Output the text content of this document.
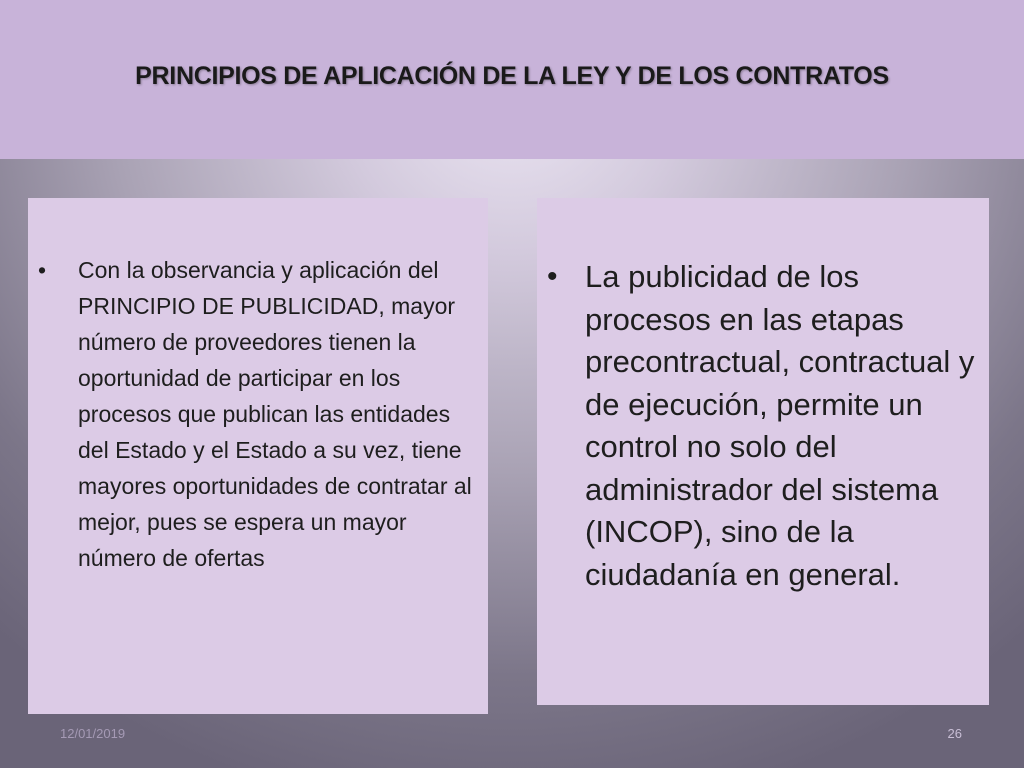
PRINCIPIOS DE APLICACIÓN DE LA LEY Y DE LOS CONTRATOS
•	Con la observancia y aplicación del PRINCIPIO DE PUBLICIDAD, mayor número de proveedores tienen la oportunidad de participar en los procesos que publican las entidades del Estado y el Estado a su vez, tiene mayores oportunidades de contratar al mejor, pues se espera un mayor número de ofertas
• La publicidad de los procesos en las etapas precontractual, contractual y de ejecución, permite un control no solo del administrador del sistema (INCOP), sino de la ciudadanía en general.
12/01/2019	26
